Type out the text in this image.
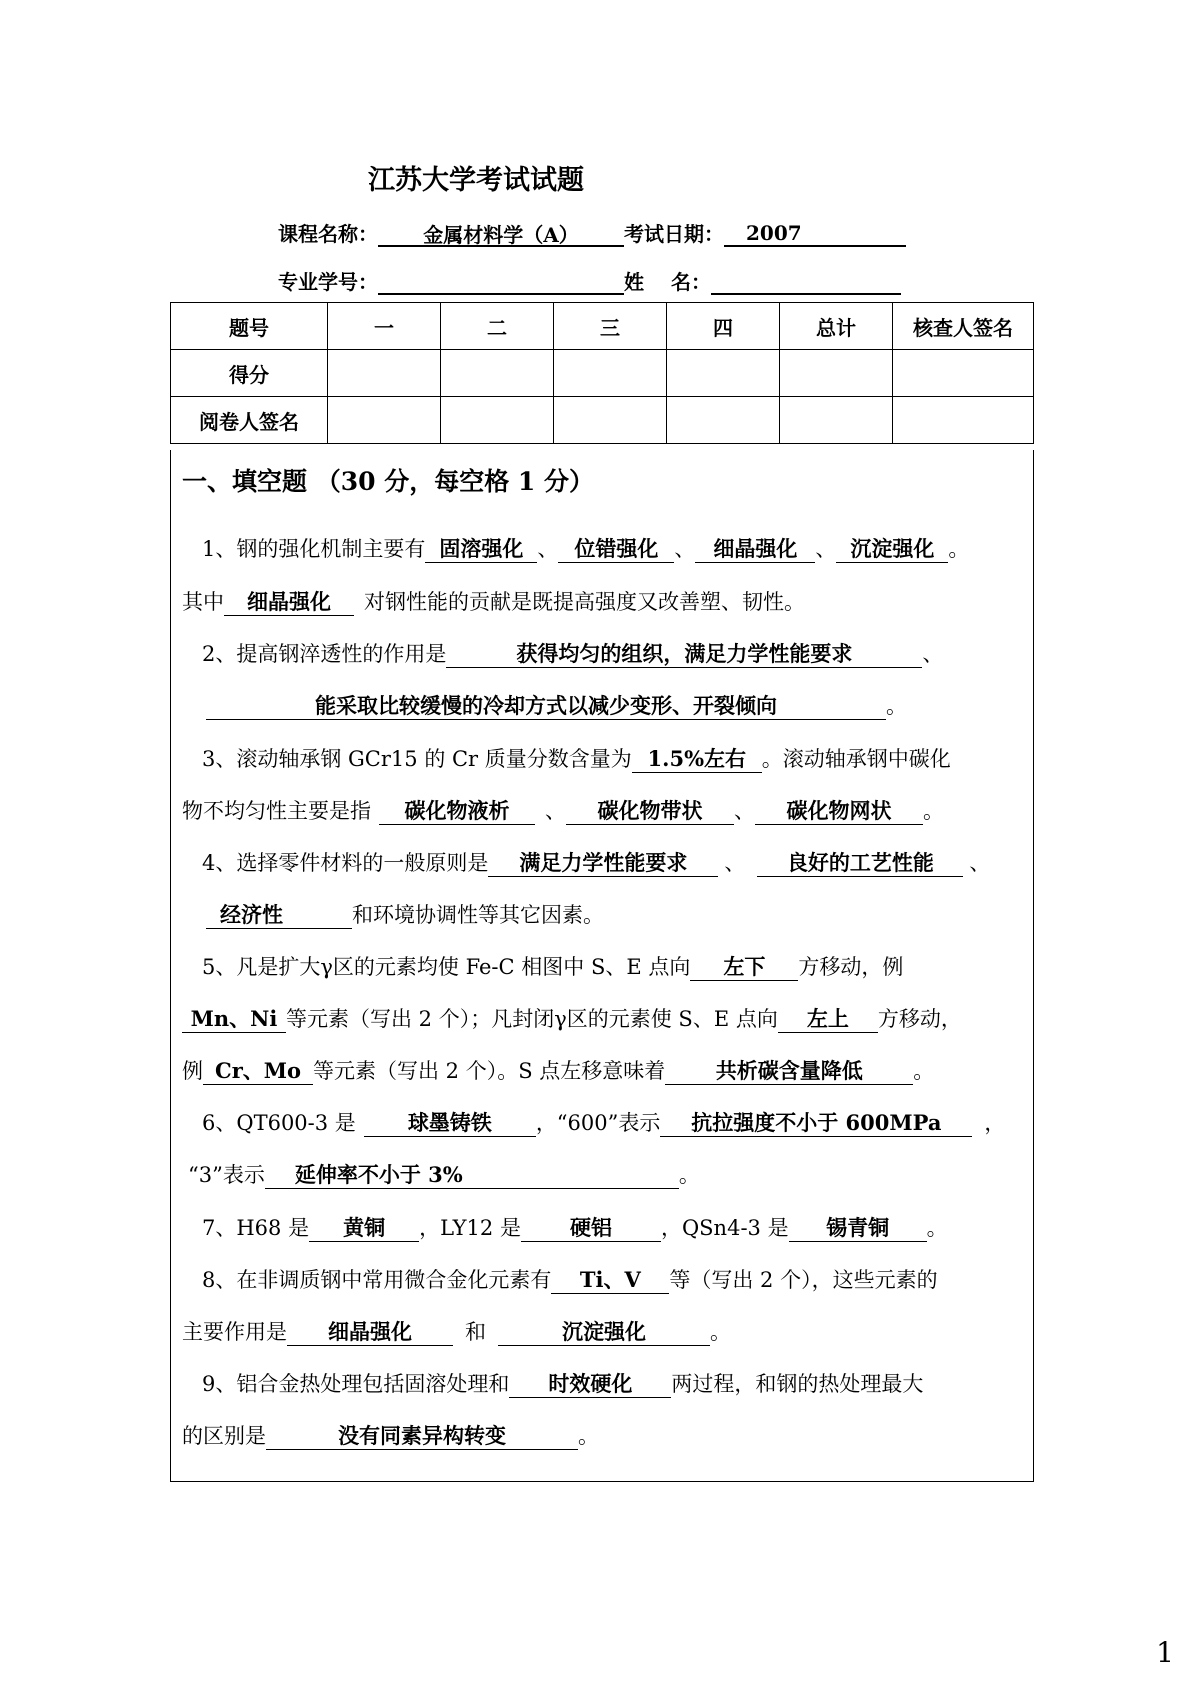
江苏大学考试试题
课程名称： 金属材料学（A） 考试日期： 2007
专业学号：	姓　 名：
题号	一	二	三	四	总计	核查人签名
得分						
阅卷人签名						
一、填空题 （30 分，每空格 1 分）
1、钢的强化机制主要有 固溶强化 、 位错强化 、 细晶强化 、 沉淀强化 。
其中 细晶强化 对钢性能的贡献是既提高强度又改善塑、韧性。
2、提高钢淬透性的作用是	获得均匀的组织，满足力学性能要求	、
能采取比较缓慢的冷却方式以减少变形、开裂倾向	。
3、滚动轴承钢 GCr15 的 Cr 质量分数含量为 1.5%左右 。滚动轴承钢中碳化
物不均匀性主要是指 碳化物液析 、 碳化物带状 、 碳化物网状 。
4、选择零件材料的一般原则是 满足力学性能要求 、 良好的工艺性能 、
经济性	和环境协调性等其它因素。
5、凡是扩大γ区的元素均使 Fe-C 相图中 S、E 点向 左下 方移动，例
Mn、Ni 等元素（写出 2 个）；凡封闭γ区的元素使 S、E 点向 左上 方移动，
例 Cr、Mo 等元素（写出 2 个）。S 点左移意味着 共析碳含量降低 。
6、QT600-3 是 球墨铸铁 ，“600”表示 抗拉强度不小于 600MPa ，
“3”表示 延伸率不小于 3%	。
7、H68 是 黄铜 ，LY12 是 硬铝 ，QSn4-3 是 锡青铜 。
8、在非调质钢中常用微合金化元素有 Ti、V 等（写出 2 个），这些元素的
主要作用是 细晶强化	和	沉淀强化	。
9、铝合金热处理包括固溶处理和 时效硬化 两过程，和钢的热处理最大
的区别是	没有同素异构转变	。
1
